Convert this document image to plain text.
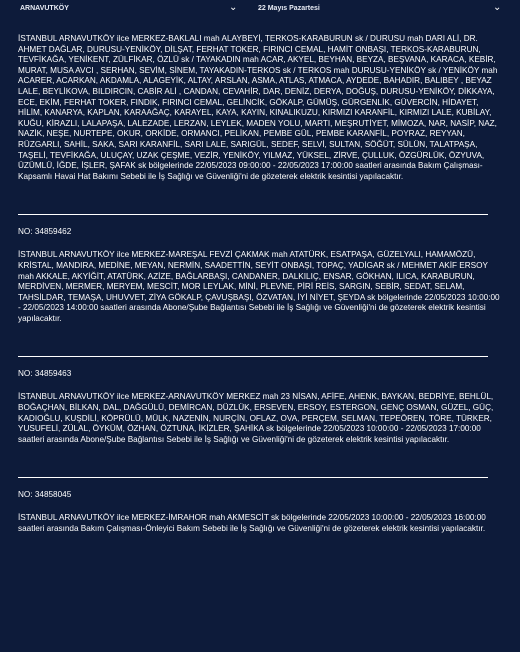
ARNAVUTKÖY	⌄	22 Mayıs Pazartesi	⌄

İSTANBUL ARNAVUTKÖY ilce MERKEZ-BAKLALI mah ALAYBEYİ, TERKOS-KARABURUN sk / DURUSU mah DARI ALİ, DR. AHMET DAĞLAR, DURUSU-YENİKÖY, DİLŞAT, FERHAT TOKER, FIRINCI CEMAL, HAMİT ONBAŞI, TERKOS-KARABURUN, TEVFİKAĞA, YENİKENT, ZÜLFİKAR, ÖZLÜ sk / TAYAKADIN mah ACAR, AKYEL, BEYHAN, BEYZA, BEŞVANA, KARACA, KEBİR, MURAT, MUSA AVCI , SERHAN, SEVİM, SİNEM, TAYAKADIN-TERKOS sk / TERKOS mah DURUSU-YENİKÖY sk / YENİKÖY mah ACARER, ACARKAN, AKDAMLA, ALAGEYİK, ALTAY, ARSLAN, ASMA, ATLAS, ATMACA, AYDEDE, BAHADIR, BALIBEY , BEYAZ LALE, BEYLİKOVA, BILDIRCIN, CABİR ALİ , CANDAN, CEVAHİR, DAR, DENİZ, DERYA, DOĞUŞ, DURUSU-YENİKÖY, DİKKAYA, ECE, EKİM, FERHAT TOKER, FINDIK, FIRINCI CEMAL, GELİNCİK, GÖKALP, GÜMÜŞ, GÜRGENLİK, GÜVERCİN, HİDAYET, HİLİM, KANARYA, KAPLAN, KARAAĞAÇ, KARAYEL, KAYA, KAYIN, KINALIKUZU, KIRMIZI KARANFİL, KIRMIZI LALE, KUBİLAY, KUĞU, KİRAZLI, LALAPAŞA, LALEZADE, LERZAN, LEYLEK, MADEN YOLU, MARTI, MEŞRUTİYET, MİMOZA, NAR, NASİP, NAZ, NAZİK, NEŞE, NURTEPE, OKUR, ORKİDE, ORMANCI, PELİKAN, PEMBE GÜL, PEMBE KARANFİL, POYRAZ, REYYAN, RÜZGARLI, SAHİL, SAKA, SARI KARANFİL, SARI LALE, SARIGÜL, SEDEF, SELVİ, SULTAN, SÖĞÜT, SÜLÜN, TALATPAŞA, TAŞELİ, TEVFİKAĞA, ULUÇAY, UZAK ÇEŞME, VEZİR, YENİKÖY, YILMAZ, YÜKSEL, ZİRVE, ÇULLUK, ÖZGÜRLÜK, ÖZYUVA, ÜZÜMLÜ, İĞDE, İŞLER, ŞAFAK sk bölgelerinde 22/05/2023 09:00:00 - 22/05/2023 17:00:00 saatleri arasında Bakım Çalışması-Kapsamlı Havai Hat Bakımı Sebebi ile İş Sağlığı ve Güvenliği'ni de gözeterek elektrik kesintisi yapılacaktır.

NO: 34859462

İSTANBUL ARNAVUTKÖY ilce MERKEZ-MAREŞAL FEVZİ ÇAKMAK mah ATATÜRK, ESATPAŞA, GÜZELYALI, HAMAMÖZÜ, KRİSTAL, MANDIRA, MEDİNE, MEYAN, NERMİN, SAADETTİN, SEYİT ONBAŞI, TOPAÇ, YADİGAR sk / MEHMET AKİF ERSOY mah AKKALE, AKYİĞİT, ATATÜRK, AZİZE, BAĞLARBAŞI, CANDANER, DALKILIÇ, ENSAR, GÖKHAN, ILICA, KARABURUN, MERDİVEN, MERMER, MERYEM, MESCİT, MOR LEYLAK, MİNİ, PLEVNE, PİRİ REİS, SARGIN, SEBİR, SEDAT, SELAM, TAHSİLDAR, TEMAŞA, UHUVVET, ZİYA GÖKALP, ÇAVUŞBAŞI, ÖZVATAN, İYİ NİYET, ŞEYDA sk bölgelerinde 22/05/2023 10:00:00 - 22/05/2023 14:00:00 saatleri arasında Abone/Şube Bağlantısı Sebebi ile İş Sağlığı ve Güvenliği'ni de gözeterek elektrik kesintisi yapılacaktır.

NO: 34859463

İSTANBUL ARNAVUTKÖY ilce MERKEZ-ARNAVUTKÖY MERKEZ mah 23 NİSAN, AFİFE, AHENK, BAYKAN, BEDRİYE, BEHLÜL, BOĞAÇHAN, BİLKAN, DAL, DAĞGÜLÜ, DEMİRCAN, DÜZLÜK, ERSEVEN, ERSOY, ESTERGON, GENÇ OSMAN, GÜZEL, GÜÇ, KADIOĞLU, KUŞDİLİ, KÖPRÜLÜ, MÜLK, NAZENİN, NURÇİN, OFLAZ, OVA, PERÇEM, SELMAN, TEPEÖREN, TÖRE, TÜRKER, YUSUFELİ, ZÜLAL, ÖYKÜM, ÖZHAN, ÖZTUNA, İKİZLER, ŞAHİKA sk bölgelerinde 22/05/2023 10:00:00 - 22/05/2023 17:00:00 saatleri arasında Abone/Şube Bağlantısı Sebebi ile İş Sağlığı ve Güvenliği'ni de gözeterek elektrik kesintisi yapılacaktır.

NO: 34858045

İSTANBUL ARNAVUTKÖY ilce MERKEZ-İMRAHOR mah AKMESCİT sk bölgelerinde 22/05/2023 10:00:00 - 22/05/2023 16:00:00 saatleri arasında Bakım Çalışması-Önleyici Bakım Sebebi ile İş Sağlığı ve Güvenliği'ni de gözeterek elektrik kesintisi yapılacaktır.
